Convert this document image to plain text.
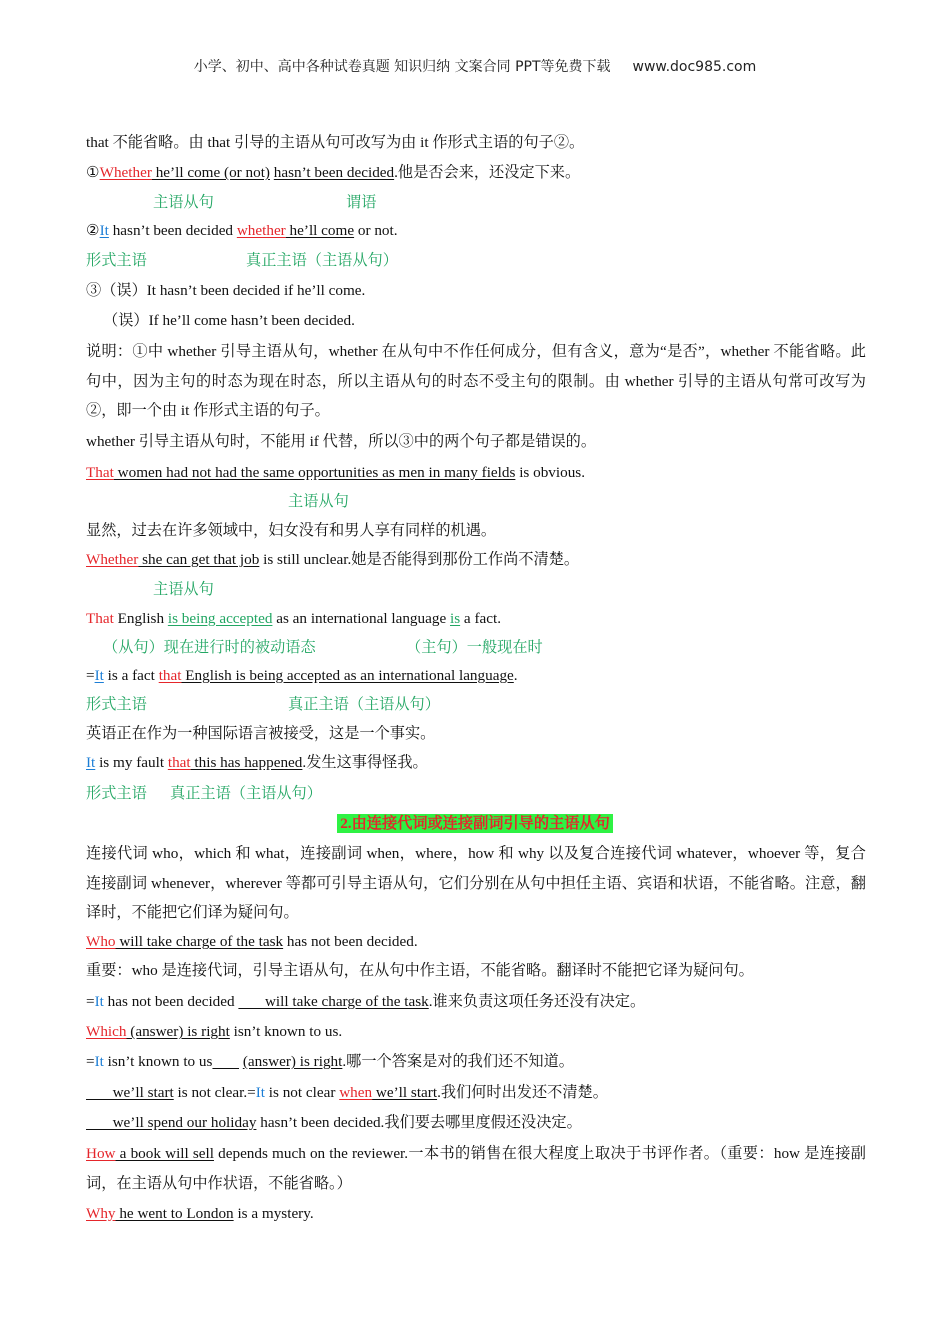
小学、初中、高中各种试卷真题 知识归纳 文案合同 PPT等免费下载 www.doc985.com
that 不能省略。由 that 引导的主语从句可改写为由 it 作形式主语的句子②。
①Whether he’ll come (or not) hasn’t been decided.他是否会来，还没定下来。
主语从句	谓语
②It hasn’t been decided whether he’ll come or not.
形式主语	真正主语（主语从句）
③（误）It hasn’t been decided if he’ll come.
（误）If he’ll come hasn’t been decided.
说明：①中 whether 引导主语从句，whether 在从句中不作任何成分，但有含义，意为“是否”，whether 不能省略。此句中，因为主句的时态为现在时态，所以主语从句的时态不受主句的限制。由 whether 引导的主语从句常可改写为②，即一个由 it 作形式主语的句子。
whether 引导主语从句时，不能用 if 代替，所以③中的两个句子都是错误的。
That women had not had the same opportunities as men in many fields is obvious.
主语从句
显然，过去在许多领域中，妇女没有和男人享有同样的机遇。
Whether she can get that job is still unclear.她是否能得到那份工作尚不清楚。
主语从句
That English is being accepted as an international language is a fact.
（从句）现在进行时的被动语态	（主句）一般现在时
=It is a fact that English is being accepted as an international language.
形式主语	真正主语（主语从句）
英语正在作为一种国际语言被接受，这是一个事实。
It is my fault that this has happened.发生这事得怪我。
形式主语 真正主语（主语从句）
2.由连接代词或连接副词引导的主语从句
连接代词 who，which 和 what，连接副词 when，where，how 和 why 以及复合连接代词 whatever，whoever 等，复合连接副词 whenever，wherever 等都可引导主语从句，它们分别在从句中担任主语、宾语和状语，不能省略。注意，翻译时，不能把它们译为疑问句。
Who will take charge of the task has not been decided.
重要：who 是连接代词，引导主语从句，在从句中作主语，不能省略。翻译时不能把它译为疑问句。
=It has not been decided        will take charge of the task.谁来负责这项任务还没有决定。
Which (answer) is right isn’t known to us.
=It isn’t known to us (answer) is right.哪一个答案是对的我们还不知道。
we’ll start is not clear.=It is not clear when we’ll start.我们何时出发还不清楚。
we’ll spend our holiday hasn’t been decided.我们要去哪里度假还没决定。
How a book will sell depends much on the reviewer.一本书的销售在很大程度上取决于书评作者。（重要：how 是连接副词，在主语从句中作状语，不能省略。）
Why he went to London is a mystery.
